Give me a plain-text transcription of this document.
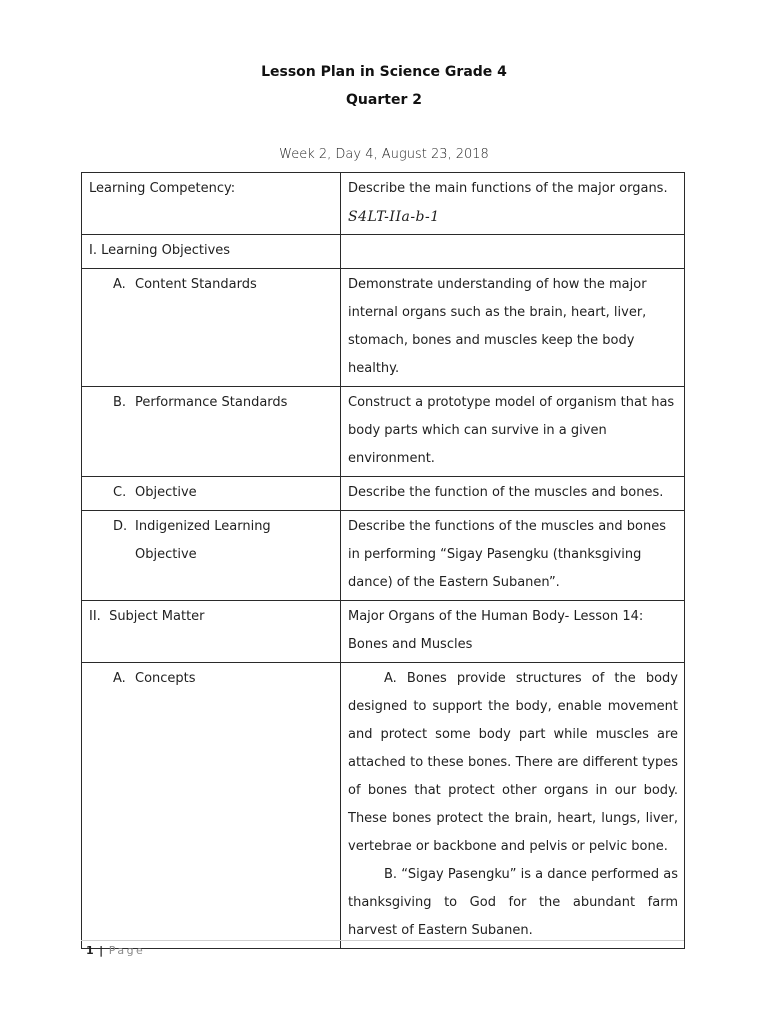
Lesson Plan in Science Grade 4
Quarter 2
Week 2, Day 4, August 23, 2018
Learning Competency:	Describe the main functions of the major organs.
S4LT-IIa-b-1

I. Learning Objectives	

A. Content Standards	Demonstrate understanding of how the major internal organs such as the brain, heart, liver, stomach, bones and muscles keep the body healthy.

B. Performance Standards	Construct a prototype model of organism that has body parts which can survive in a given environment.

C. Objective	Describe the function of the muscles and bones.

D. Indigenized Learning Objective	Describe the functions of the muscles and bones in performing “Sigay Pasengku (thanksgiving dance) of the Eastern Subanen”.
II.  Subject Matter	Major Organs of the Human Body- Lesson 14: Bones and Muscles

A. Concepts	A. Bones provide structures of the body designed to support the body, enable movement and protect some body part while muscles are attached to these bones. There are different types of bones that protect other organs in our body. These bones protect the brain, heart, lungs, liver, vertebrae or backbone and pelvis or pelvic bone.
B. “Sigay Pasengku” is a dance performed as thanksgiving to God for the abundant farm harvest of Eastern Subanen.
1 | Page
